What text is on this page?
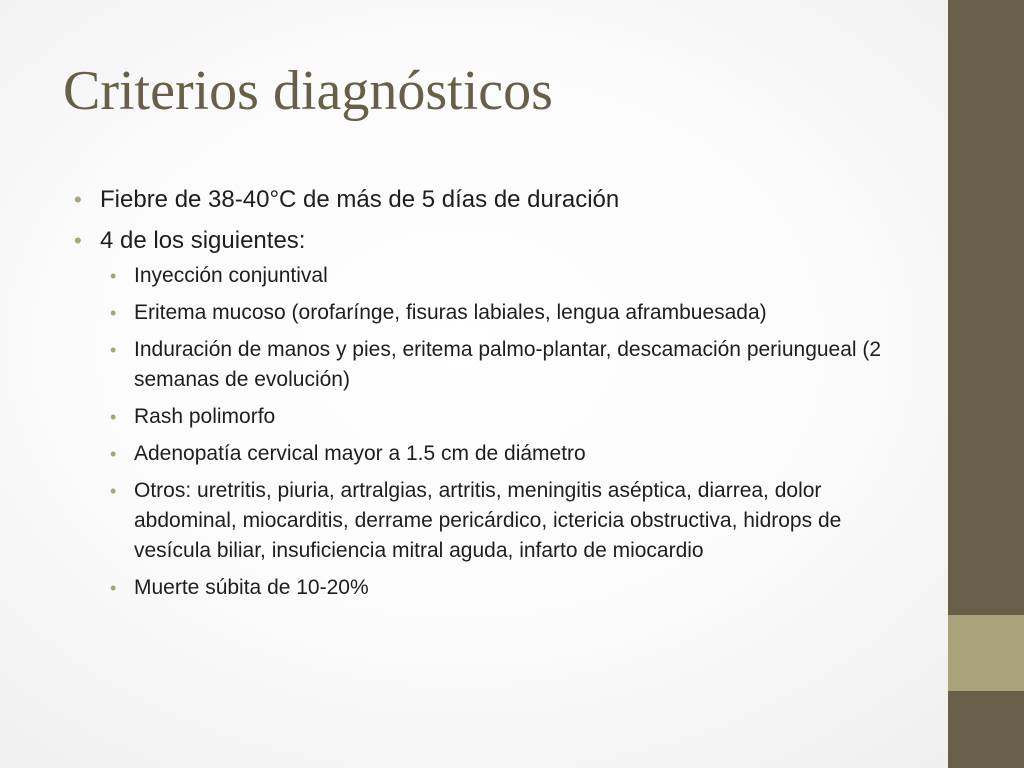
Criterios diagnósticos
• Fiebre de 38-40°C de más de 5 días de duración
• 4 de los siguientes:
• Inyección conjuntival
• Eritema mucoso (orofarínge, fisuras labiales, lengua aframbuesada)
• Induración de manos y pies, eritema palmo-plantar, descamación periungueal (2 semanas de evolución)
• Rash polimorfo
• Adenopatía cervical mayor a 1.5 cm de diámetro
• Otros: uretritis, piuria, artralgias, artritis, meningitis aséptica, diarrea, dolor abdominal, miocarditis, derrame pericárdico, ictericia obstructiva, hidrops de vesícula biliar, insuficiencia mitral aguda, infarto de miocardio
• Muerte súbita de 10-20%
